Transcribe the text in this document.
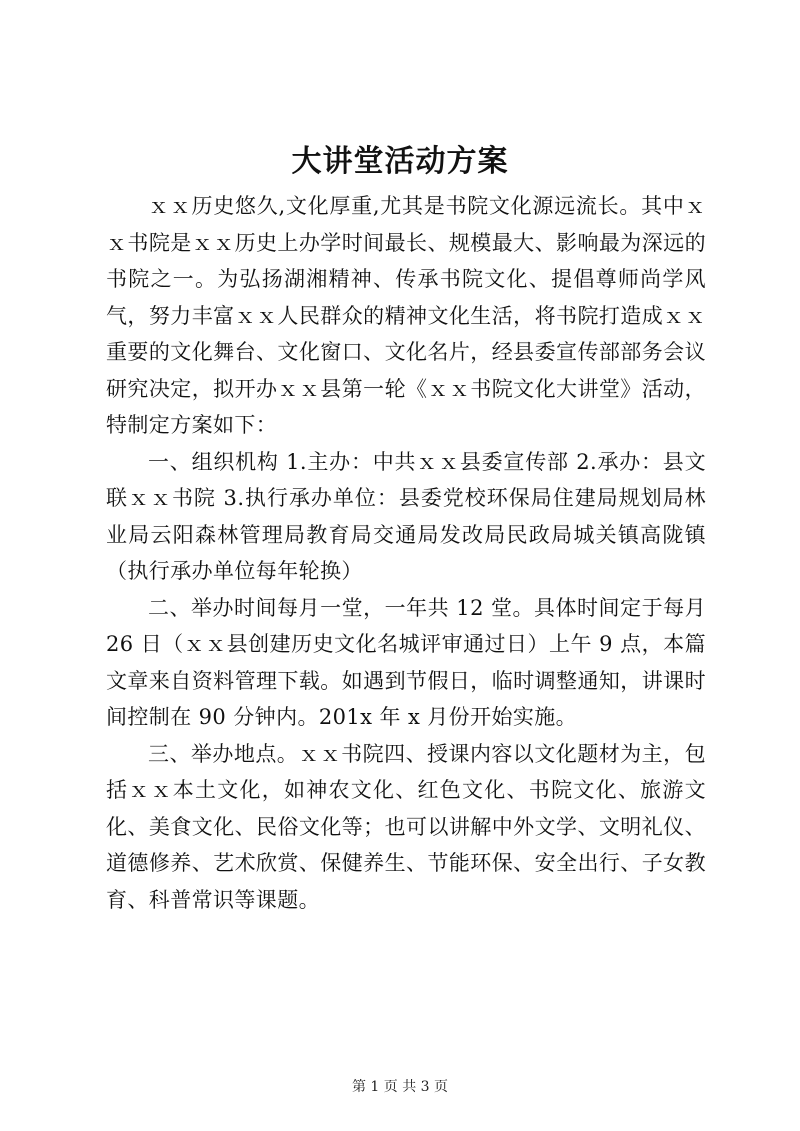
大讲堂活动方案

ｘｘ历史悠久,文化厚重,尤其是书院文化源远流长。其中ｘｘ书院是ｘｘ历史上办学时间最长、规模最大、影响最为深远的书院之一。为弘扬湖湘精神、传承书院文化、提倡尊师尚学风气，努力丰富ｘｘ人民群众的精神文化生活，将书院打造成ｘｘ重要的文化舞台、文化窗口、文化名片，经县委宣传部部务会议研究决定，拟开办ｘｘ县第一轮《ｘｘ书院文化大讲堂》活动，特制定方案如下：

一、组织机构 1.主办：中共ｘｘ县委宣传部 2.承办：县文联ｘｘ书院 3.执行承办单位：县委党校环保局住建局规划局林业局云阳森林管理局教育局交通局发改局民政局城关镇高陇镇（执行承办单位每年轮换）

二、举办时间每月一堂，一年共 12 堂。具体时间定于每月 26 日（ｘｘ县创建历史文化名城评审通过日）上午 9 点，本篇文章来自资料管理下载。如遇到节假日，临时调整通知，讲课时间控制在 90 分钟内。201x 年 x 月份开始实施。

三、举办地点。ｘｘ书院四、授课内容以文化题材为主，包括ｘｘ本土文化，如神农文化、红色文化、书院文化、旅游文化、美食文化、民俗文化等；也可以讲解中外文学、文明礼仪、道德修养、艺术欣赏、保健养生、节能环保、安全出行、子女教育、科普常识等课题。

第 1 页 共 3 页
